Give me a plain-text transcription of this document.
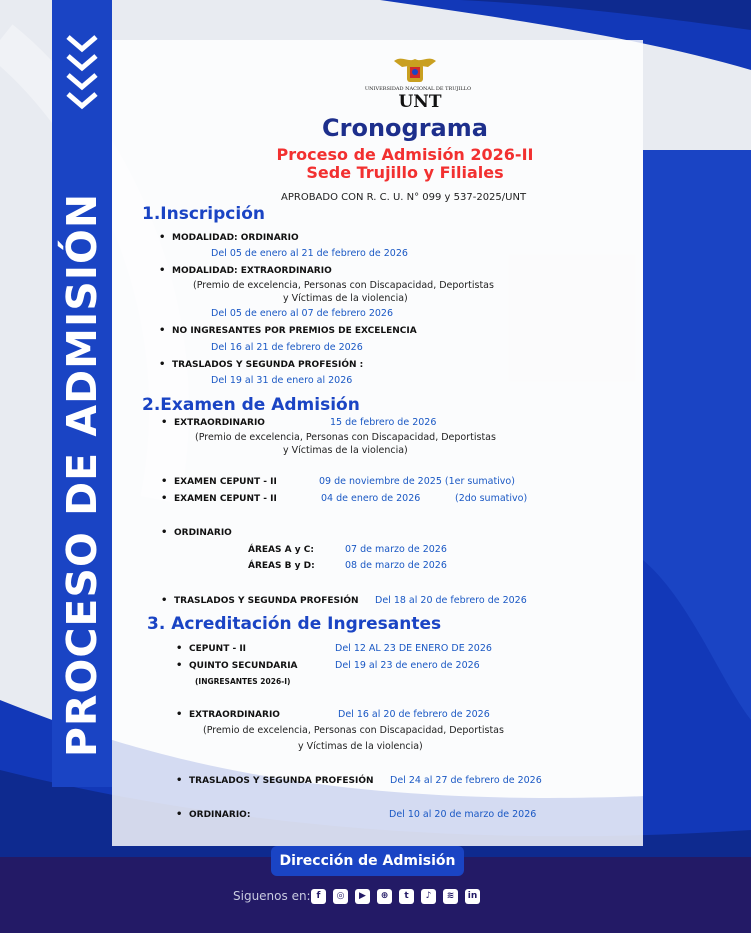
PROCESO DE ADMISIÓN
UNIVERSIDAD NACIONAL DE TRUJILLO
UNT
Cronograma
Proceso de Admisión 2026-II
Sede Trujillo y Filiales
APROBADO CON R. C. U. N° 099 y 537-2025/UNT
1.Inscripción
• MODALIDAD: ORDINARIO
Del 05 de enero al 21 de febrero de 2026
• MODALIDAD: EXTRAORDINARIO
(Premio de excelencia, Personas con Discapacidad, Deportistas
y Víctimas de la violencia)
Del 05 de enero al 07 de febrero 2026
• NO INGRESANTES POR PREMIOS DE EXCELENCIA
Del 16 al 21 de febrero de 2026
• TRASLADOS Y SEGUNDA PROFESIÓN :
Del 19 al 31 de enero al 2026
2.Examen de Admisión
• EXTRAORDINARIO	15 de febrero de 2026
(Premio de excelencia, Personas con Discapacidad, Deportistas
y Víctimas de la violencia)
• EXAMEN CEPUNT - II	09 de noviembre de 2025 (1er sumativo)
• EXAMEN CEPUNT - II	04 de enero de 2026	(2do sumativo)
• ORDINARIO
ÁREAS A y C:	07 de marzo de 2026
ÁREAS B y D:	08 de marzo de 2026
• TRASLADOS Y SEGUNDA PROFESIÓN Del 18 al 20 de febrero de 2026
3. Acreditación de Ingresantes
• CEPUNT - II	Del 12 AL 23 DE ENERO DE 2026
• QUINTO SECUNDARIA	Del 19 al 23 de enero de 2026
(INGRESANTES 2026-I)
• EXTRAORDINARIO	Del 16 al 20 de febrero de 2026
(Premio de excelencia, Personas con Discapacidad, Deportistas
y Víctimas de la violencia)
• TRASLADOS Y SEGUNDA PROFESIÓN Del 24 al 27 de febrero de 2026
• ORDINARIO:	Del 10 al 20 de marzo de 2026
Dirección de Admisión
Siguenos en: f	◎	▶	⊕	t	♪	≋	in
